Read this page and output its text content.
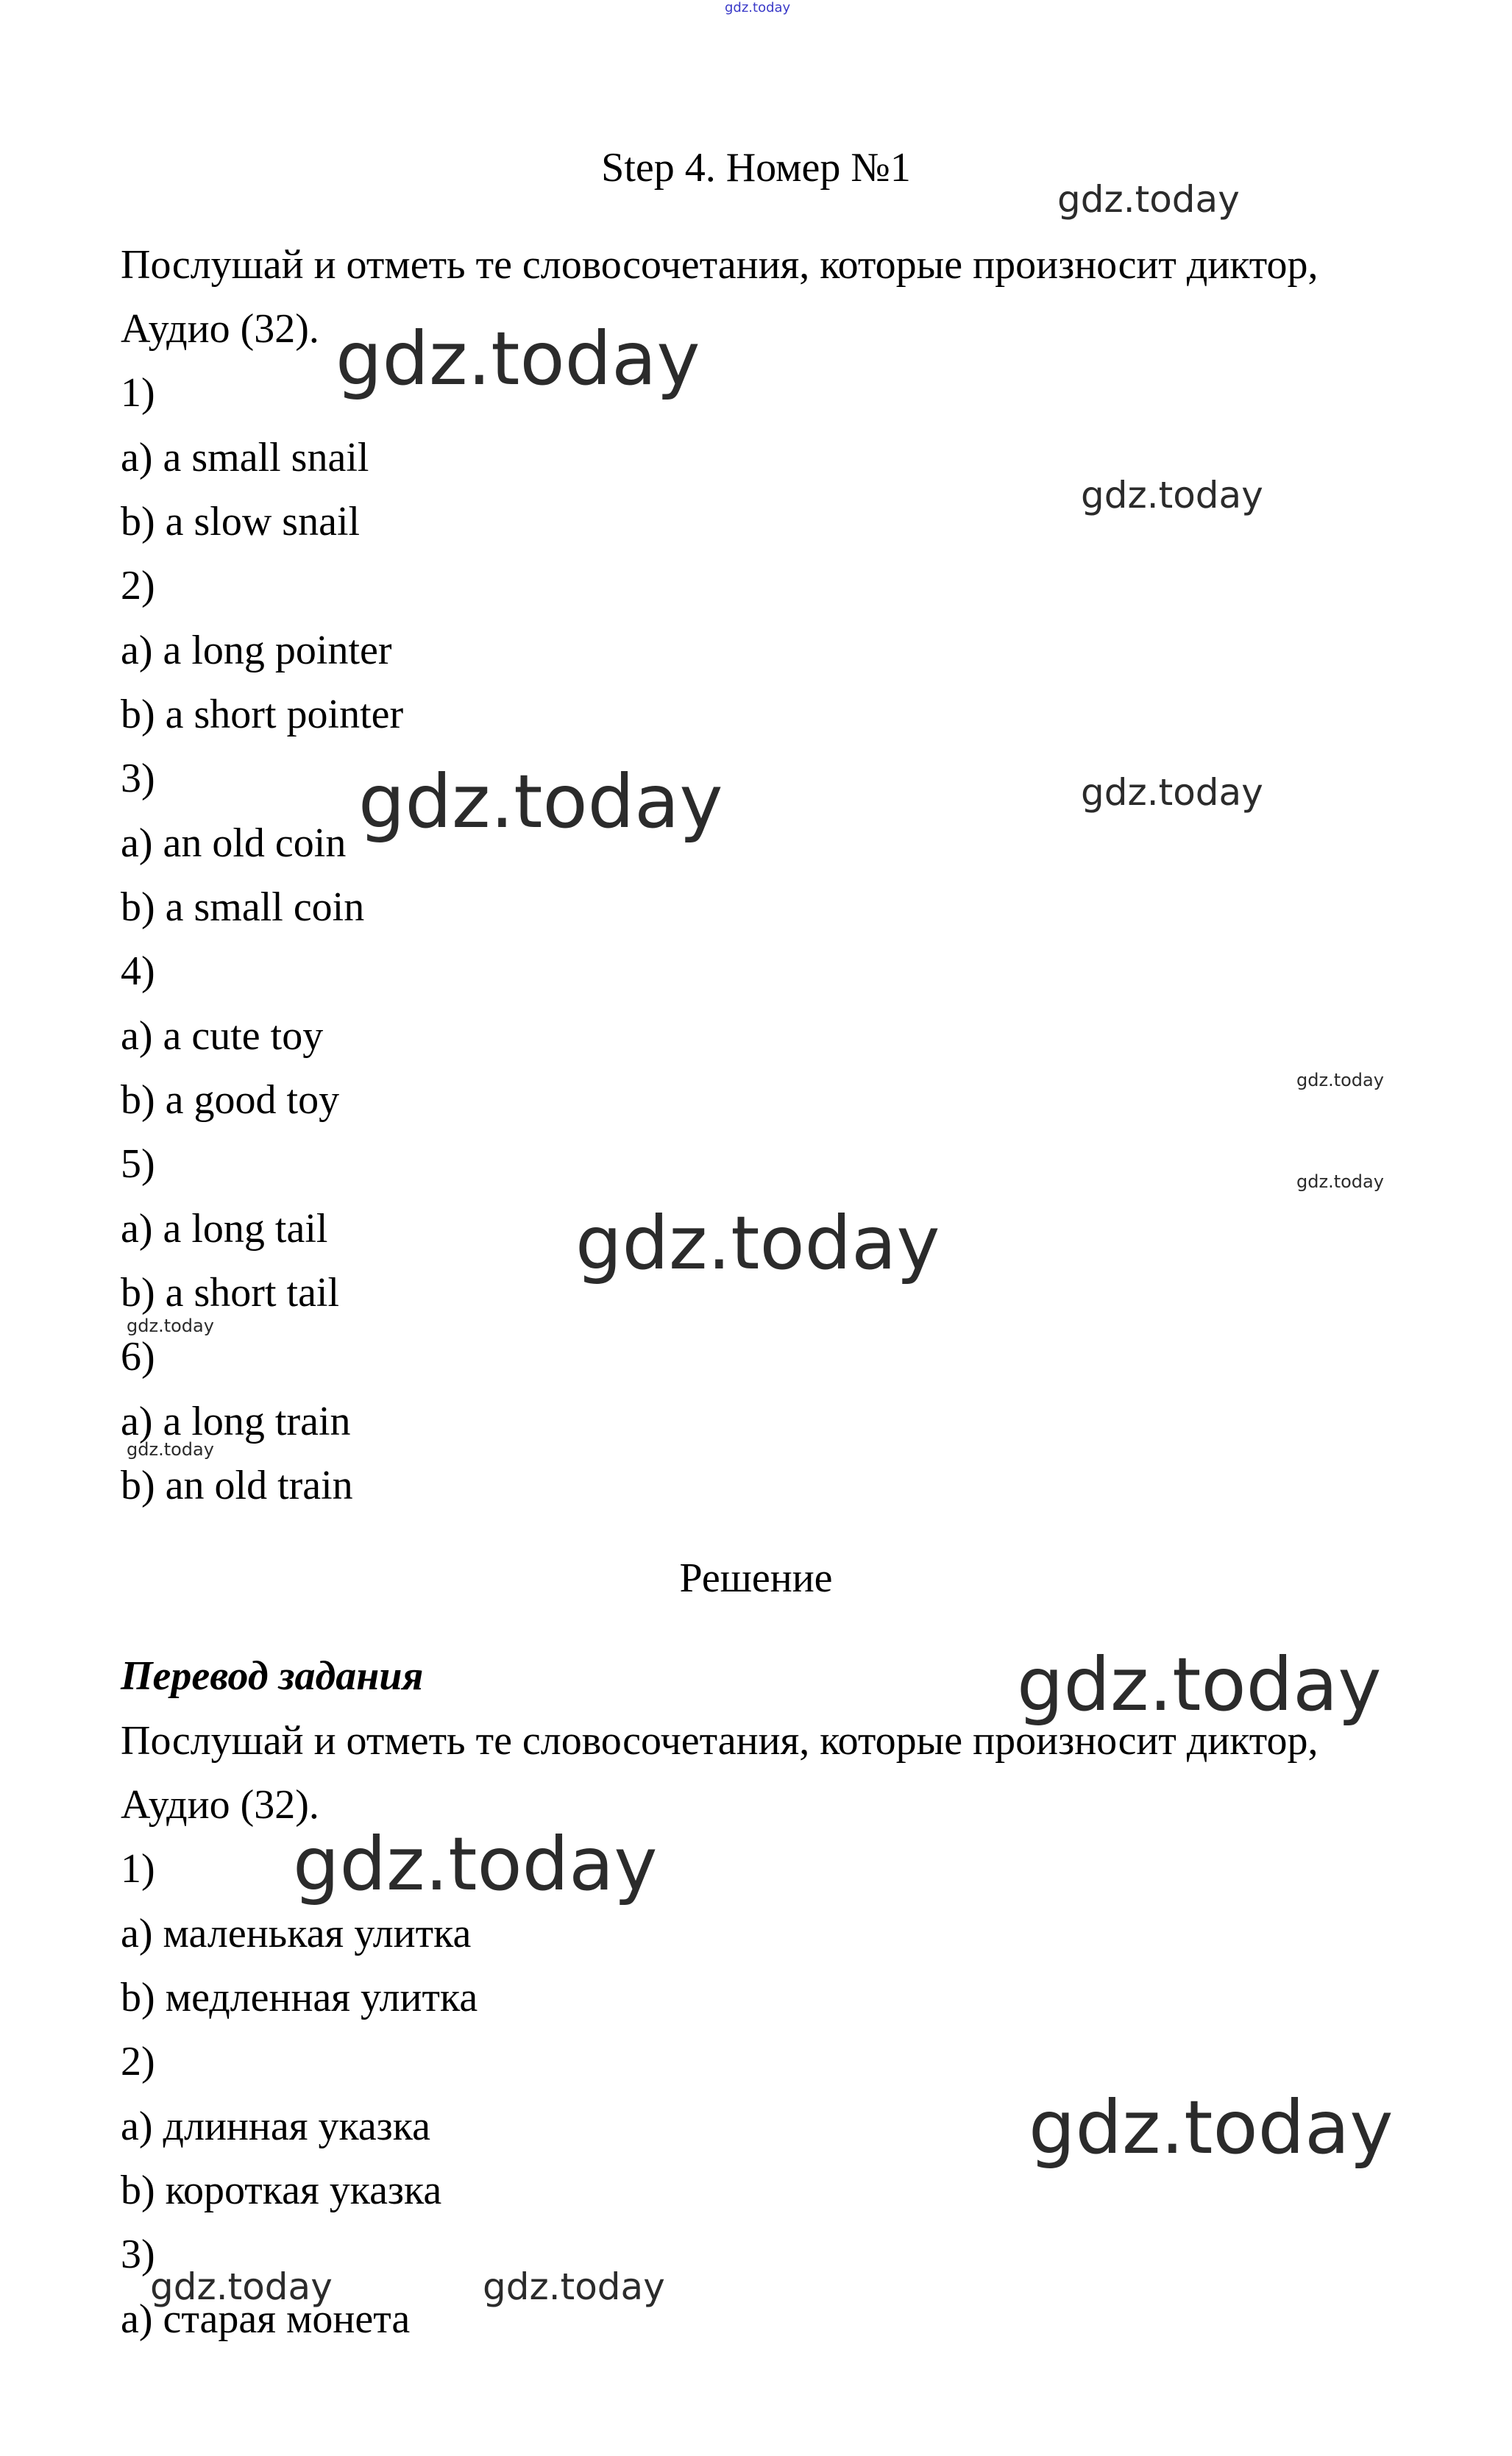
gdz.today
Step 4. Номер №1
Послушай и отметь те словосочетания, которые произносит диктор,
Аудио (32).
1)
a) a small snail
b) a slow snail
2)
a) a long pointer
b) a short pointer
3)
a) an old coin
b) a small coin
4)
a) a cute toy
b) a good toy
5)
a) a long tail
b) a short tail
6)
a) a long train
b) an old train
Решение
Перевод задания
Послушай и отметь те словосочетания, которые произносит диктор,
Аудио (32).
1)
a) маленькая улитка
b) медленная улитка
2)
a) длинная указка
b) короткая указка
3)
a) старая монета
gdz.today
gdz.today
gdz.today
gdz.today	gdz.today
gdz.today
gdz.today
gdz.today
gdz.today
gdz.today
gdz.today
gdz.today
gdz.today
gdz.today	gdz.today
